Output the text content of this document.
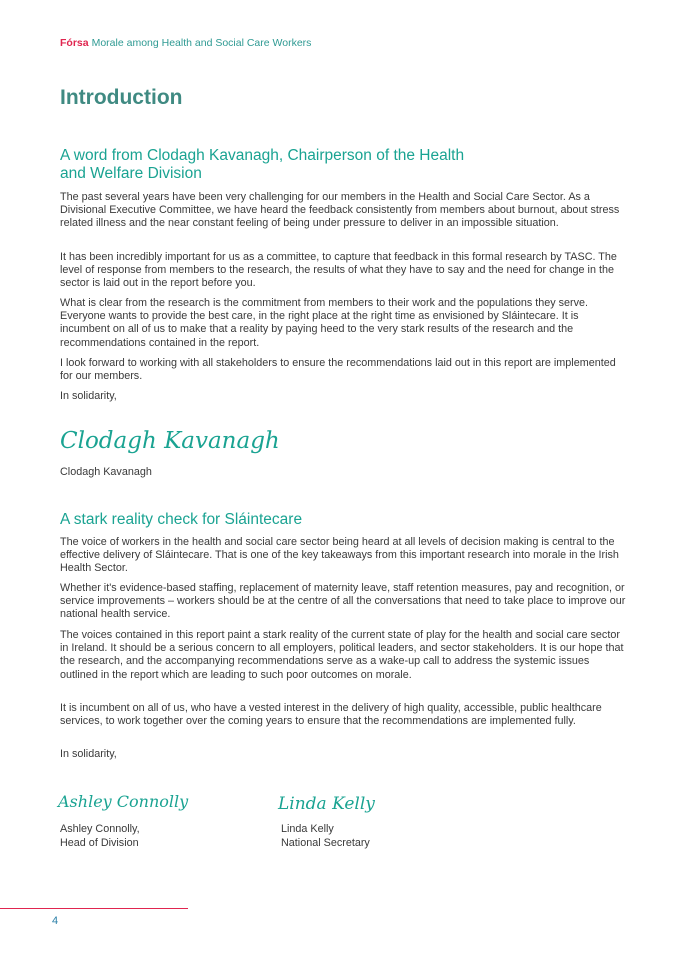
Fórsa Morale among Health and Social Care Workers
Introduction
A word from Clodagh Kavanagh, Chairperson of the Health
and Welfare Division

The past several years have been very challenging for our members in the Health and Social Care Sector. As a Divisional Executive Committee, we have heard the feedback consistently from members about burnout, about stress related illness and the near constant feeling of being under pressure to deliver in an impossible situation.

It has been incredibly important for us as a committee, to capture that feedback in this formal research by TASC. The level of response from members to the research, the results of what they have to say and the need for change in the sector is laid out in the report before you.

What is clear from the research is the commitment from members to their work and the populations they serve. Everyone wants to provide the best care, in the right place at the right time as envisioned by Sláintecare. It is incumbent on all of us to make that a reality by paying heed to the very stark results of the research and the recommendations contained in the report.

I look forward to working with all stakeholders to ensure the recommendations laid out in this report are implemented for our members.

In solidarity,

Clodagh Kavanagh
Clodagh Kavanagh
A stark reality check for Sláintecare

The voice of workers in the health and social care sector being heard at all levels of decision making is central to the effective delivery of Sláintecare. That is one of the key takeaways from this important research into morale in the Irish Health Sector.

Whether it's evidence-based staffing, replacement of maternity leave, staff retention measures, pay and recognition, or service improvements – workers should be at the centre of all the conversations that need to take place to improve our national health service.

The voices contained in this report paint a stark reality of the current state of play for the health and social care sector in Ireland. It should be a serious concern to all employers, political leaders, and sector stakeholders. It is our hope that the research, and the accompanying recommendations serve as a wake-up call to address the systemic issues outlined in the report which are leading to such poor outcomes on morale.

It is incumbent on all of us, who have a vested interest in the delivery of high quality, accessible, public healthcare services, to work together over the coming years to ensure that the recommendations are implemented fully.

In solidarity,

Ashley Connolly
Ashley Connolly,
Head of Division
Linda Kelly
Linda Kelly
National Secretary
4
